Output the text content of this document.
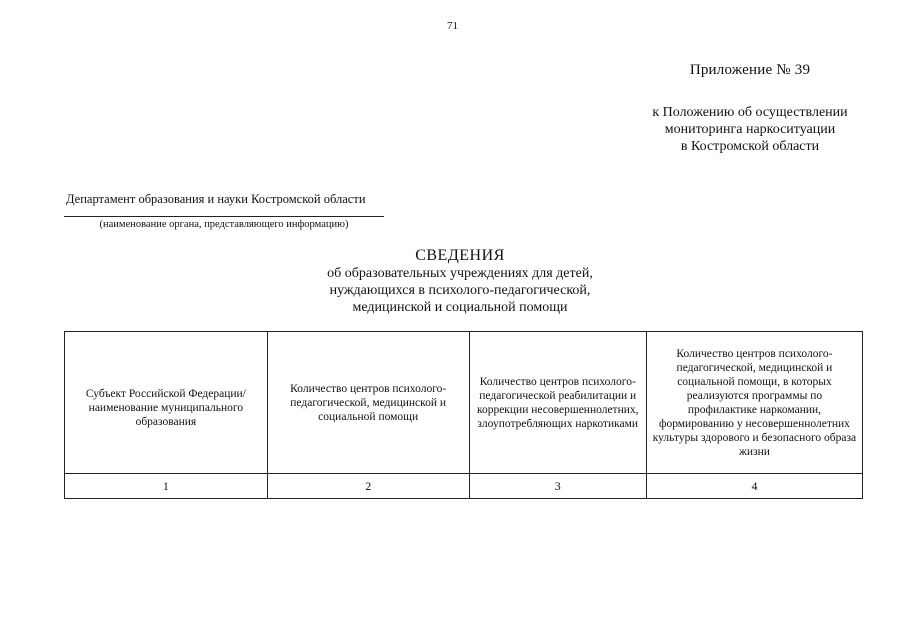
71
Приложение № 39
к Положению об осуществлении
мониторинга наркоситуации
в Костромской области
Департамент образования и науки Костромской области
(наименование органа, представляющего информацию)
СВЕДЕНИЯ
об образовательных учреждениях для детей,
нуждающихся в психолого-педагогической,
медицинской и социальной помощи
Субъект Российской Федерации/наименование муниципального образования	Количество центров психолого-педагогической, медицинской и социальной помощи	Количество центров психолого-педагогической реабилитации и коррекции несовершеннолетних, злоупотребляющих наркотиками	Количество центров психолого-педагогической, медицинской и социальной помощи, в которых реализуются программы по профилактике наркомании, формированию у несовершеннолетних культуры здорового и безопасного образа жизни
1	2	3	4
